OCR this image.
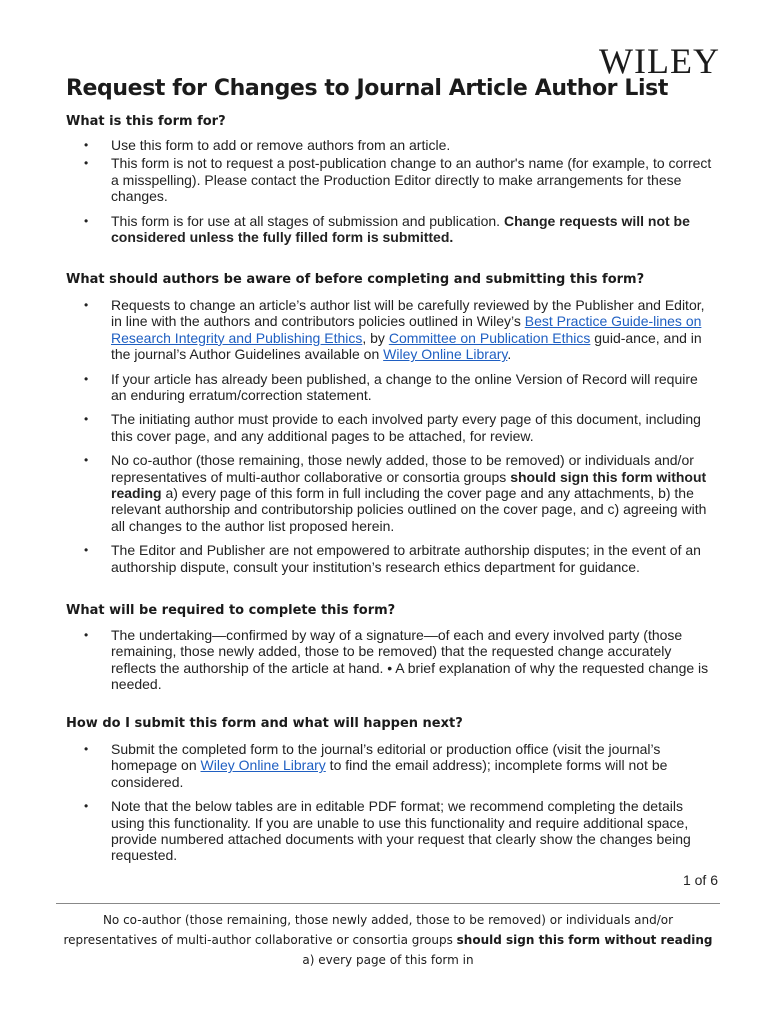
WILEY
Request for Changes to Journal Article Author List
What is this form for?
• Use this form to add or remove authors from an article.
• This form is not to request a post-publication change to an author's name (for example, to correct a misspelling). Please contact the Production Editor directly to make arrangements for these changes.
• This form is for use at all stages of submission and publication. Change requests will not be considered unless the fully filled form is submitted.
What should authors be aware of before completing and submitting this form?
• Requests to change an article’s author list will be carefully reviewed by the Publisher and Editor, in line with the authors and contributors policies outlined in Wiley’s Best Practice Guide-lines on Research Integrity and Publishing Ethics, by Committee on Publication Ethics guid-ance, and in the journal’s Author Guidelines available on Wiley Online Library.
• If your article has already been published, a change to the online Version of Record will require an enduring erratum/correction statement.
• The initiating author must provide to each involved party every page of this document, including this cover page, and any additional pages to be attached, for review.
• No co-author (those remaining, those newly added, those to be removed) or individuals and/or representatives of multi-author collaborative or consortia groups should sign this form without reading a) every page of this form in full including the cover page and any attachments, b) the relevant authorship and contributorship policies outlined on the cover page, and c) agreeing with all changes to the author list proposed herein.
• The Editor and Publisher are not empowered to arbitrate authorship disputes; in the event of an authorship dispute, consult your institution’s research ethics department for guidance.
What will be required to complete this form?
• The undertaking—confirmed by way of a signature—of each and every involved party (those remaining, those newly added, those to be removed) that the requested change accurately reflects the authorship of the article at hand. • A brief explanation of why the requested change is needed.
How do I submit this form and what will happen next?
• Submit the completed form to the journal’s editorial or production office (visit the journal’s homepage on Wiley Online Library to find the email address); incomplete forms will not be considered.
• Note that the below tables are in editable PDF format; we recommend completing the details using this functionality. If you are unable to use this functionality and require additional space, provide numbered attached documents with your request that clearly show the changes being requested.
1 of 6
No co-author (those remaining, those newly added, those to be removed) or individuals and/or representatives of multi-author collaborative or consortia groups should sign this form without reading a) every page of this form in
